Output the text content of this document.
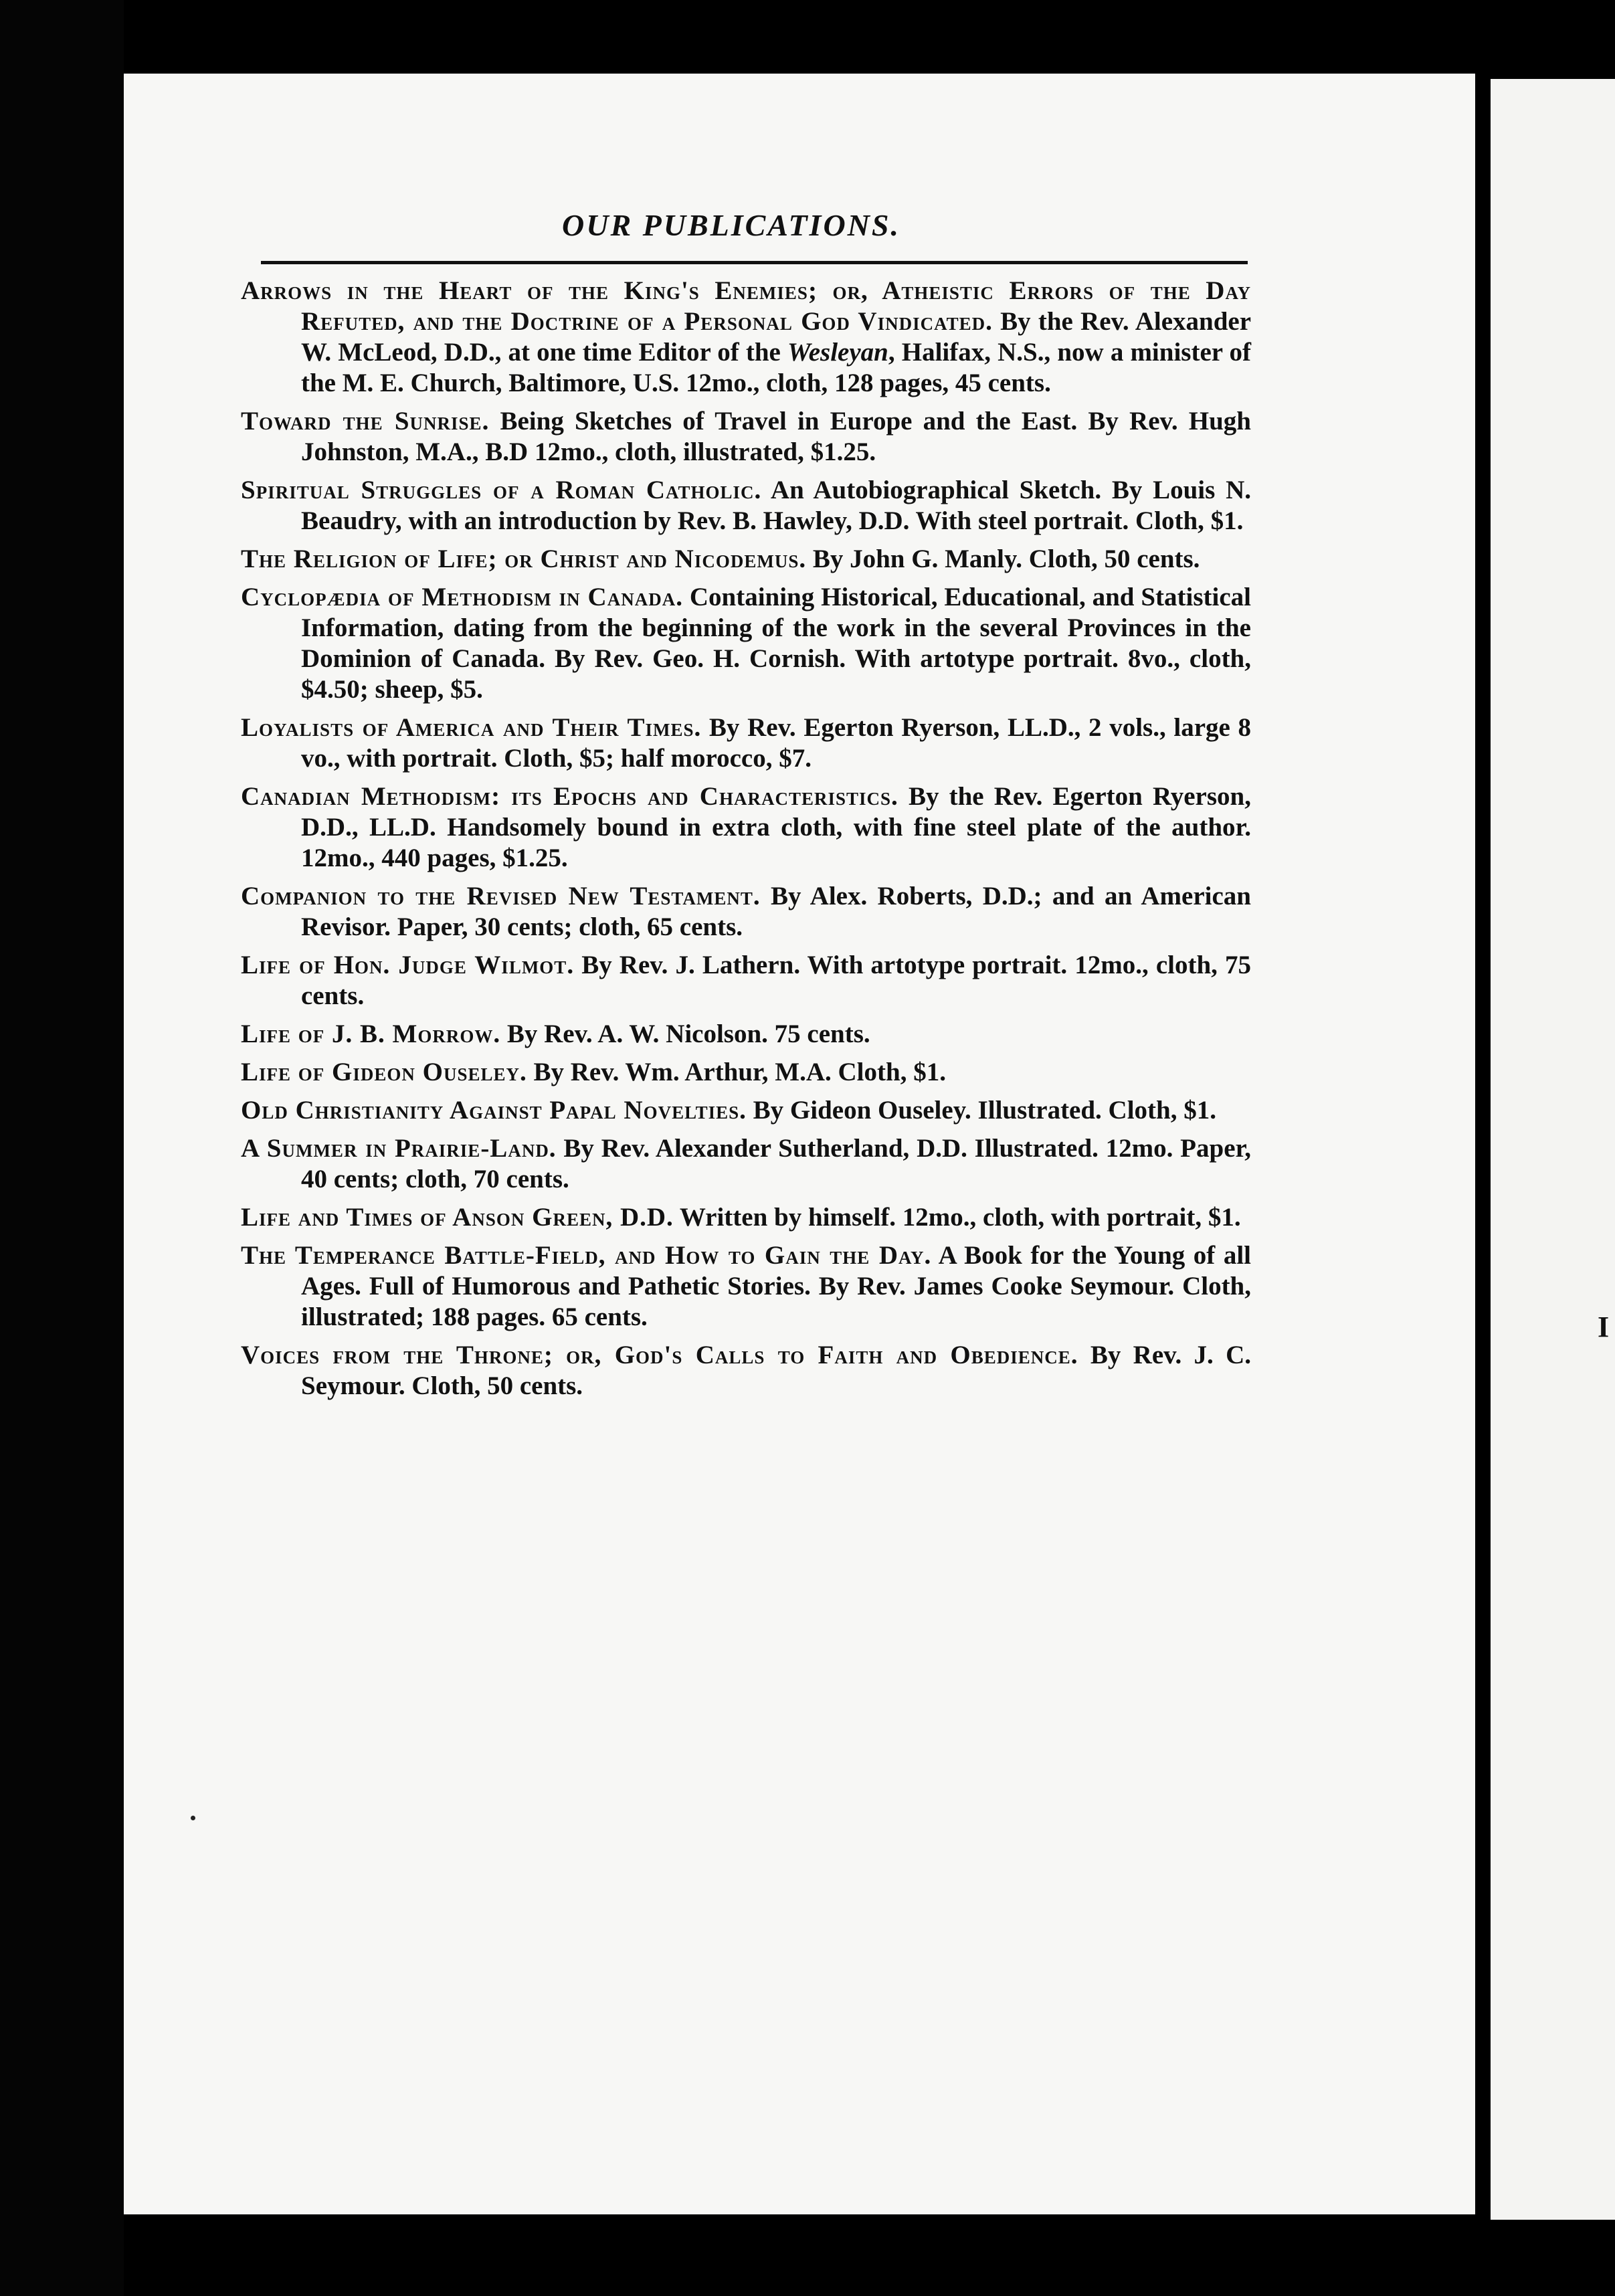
I
OUR PUBLICATIONS.
Arrows in the Heart of the King's Enemies; or, Atheistic Errors of the Day Refuted, and the Doctrine of a Personal God Vindicated. By the Rev. Alexander W. McLeod, D.D., at one time Editor of the Wesleyan, Halifax, N.S., now a minister of the M. E. Church, Baltimore, U.S. 12mo., cloth, 128 pages, 45 cents.
Toward the Sunrise. Being Sketches of Travel in Europe and the East. By Rev. Hugh Johnston, M.A., B.D 12mo., cloth, illustrated, $1.25.
Spiritual Struggles of a Roman Catholic. An Autobiographical Sketch. By Louis N. Beaudry, with an introduction by Rev. B. Hawley, D.D. With steel portrait. Cloth, $1.
The Religion of Life; or Christ and Nicodemus. By John G. Manly. Cloth, 50 cents.
Cyclopædia of Methodism in Canada. Containing Historical, Educational, and Statistical Information, dating from the beginning of the work in the several Provinces in the Dominion of Canada. By Rev. Geo. H. Cornish. With artotype portrait. 8vo., cloth, $4.50; sheep, $5.
Loyalists of America and Their Times. By Rev. Egerton Ryerson, LL.D., 2 vols., large 8 vo., with portrait. Cloth, $5; half morocco, $7.
Canadian Methodism: its Epochs and Characteristics. By the Rev. Egerton Ryerson, D.D., LL.D. Handsomely bound in extra cloth, with fine steel plate of the author. 12mo., 440 pages, $1.25.
Companion to the Revised New Testament. By Alex. Roberts, D.D.; and an American Revisor. Paper, 30 cents; cloth, 65 cents.
Life of Hon. Judge Wilmot. By Rev. J. Lathern. With artotype portrait. 12mo., cloth, 75 cents.
Life of J. B. Morrow. By Rev. A. W. Nicolson. 75 cents.
Life of Gideon Ouseley. By Rev. Wm. Arthur, M.A. Cloth, $1.
Old Christianity Against Papal Novelties. By Gideon Ouseley. Illustrated. Cloth, $1.
A Summer in Prairie-Land. By Rev. Alexander Sutherland, D.D. Illustrated. 12mo. Paper, 40 cents; cloth, 70 cents.
Life and Times of Anson Green, D.D. Written by himself. 12mo., cloth, with portrait, $1.
The Temperance Battle-Field, and How to Gain the Day. A Book for the Young of all Ages. Full of Humorous and Pathetic Stories. By Rev. James Cooke Seymour. Cloth, illustrated; 188 pages. 65 cents.
Voices from the Throne; or, God's Calls to Faith and Obedience. By Rev. J. C. Seymour. Cloth, 50 cents.
